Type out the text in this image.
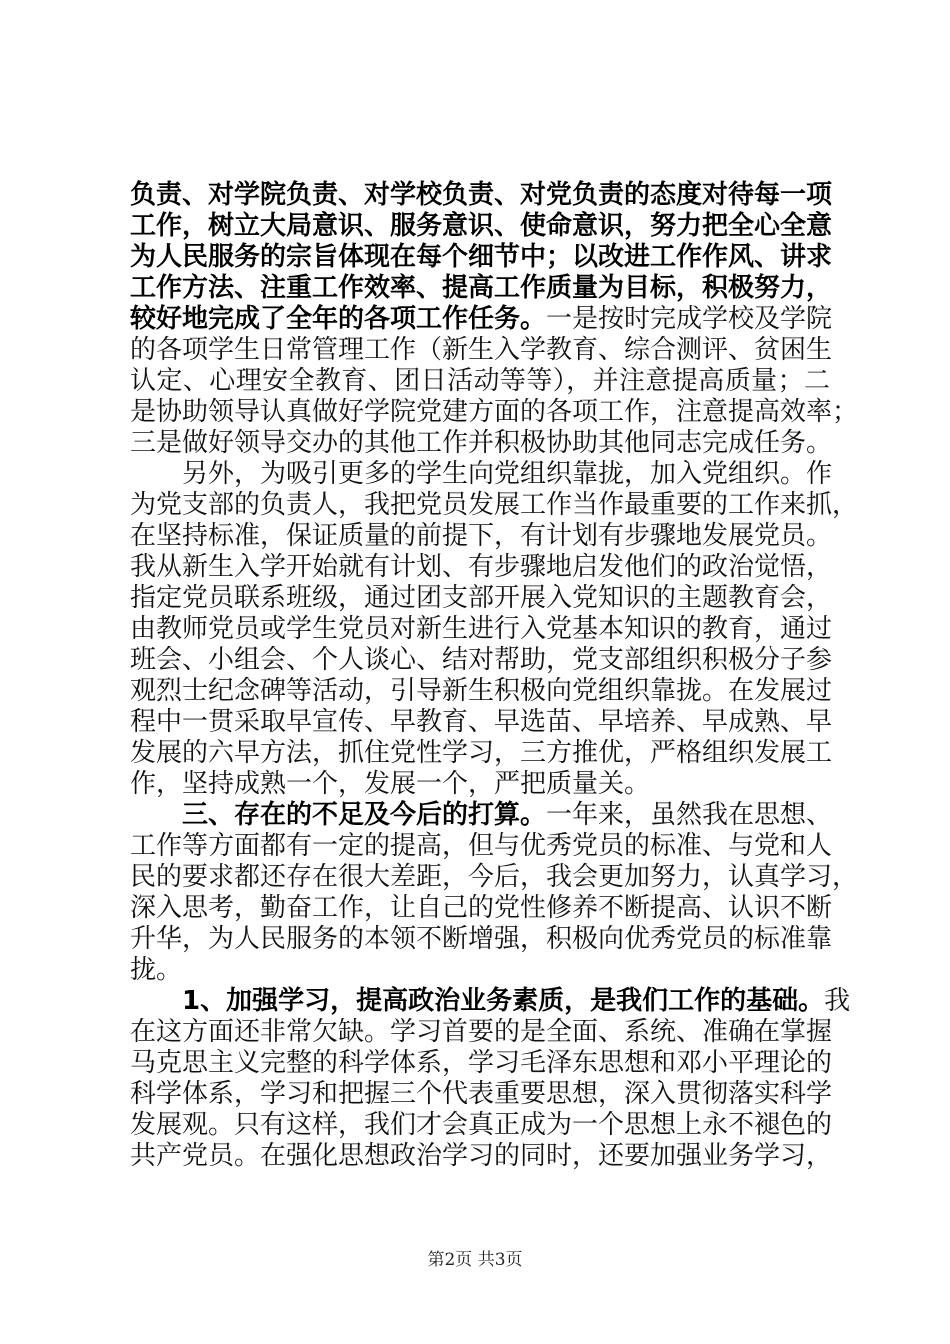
负责、对学院负责、对学校负责、对党负责的态度对待每一项
工作，树立大局意识、服务意识、使命意识，努力把全心全意
为人民服务的宗旨体现在每个细节中；以改进工作作风、讲求
工作方法、注重工作效率、提高工作质量为目标，积极努力，
较好地完成了全年的各项工作任务。一是按时完成学校及学院
的各项学生日常管理工作（新生入学教育、综合测评、贫困生
认定、心理安全教育、团日活动等等），并注意提高质量；二
是协助领导认真做好学院党建方面的各项工作，注意提高效率；
三是做好领导交办的其他工作并积极协助其他同志完成任务。
另外，为吸引更多的学生向党组织靠拢，加入党组织。作
为党支部的负责人，我把党员发展工作当作最重要的工作来抓，
在坚持标准，保证质量的前提下，有计划有步骤地发展党员。
我从新生入学开始就有计划、有步骤地启发他们的政治觉悟，
指定党员联系班级，通过团支部开展入党知识的主题教育会，
由教师党员或学生党员对新生进行入党基本知识的教育，通过
班会、小组会、个人谈心、结对帮助，党支部组织积极分子参
观烈士纪念碑等活动，引导新生积极向党组织靠拢。在发展过
程中一贯采取早宣传、早教育、早选苗、早培养、早成熟、早
发展的六早方法，抓住党性学习，三方推优，严格组织发展工
作，坚持成熟一个，发展一个，严把质量关。
三、存在的不足及今后的打算。一年来，虽然我在思想、
工作等方面都有一定的提高，但与优秀党员的标准、与党和人
民的要求都还存在很大差距，今后，我会更加努力，认真学习，
深入思考，勤奋工作，让自己的党性修养不断提高、认识不断
升华，为人民服务的本领不断增强，积极向优秀党员的标准靠
拢。
1、加强学习，提高政治业务素质，是我们工作的基础。我
在这方面还非常欠缺。学习首要的是全面、系统、准确在掌握
马克思主义完整的科学体系，学习毛泽东思想和邓小平理论的
科学体系，学习和把握三个代表重要思想，深入贯彻落实科学
发展观。只有这样，我们才会真正成为一个思想上永不褪色的
共产党员。在强化思想政治学习的同时，还要加强业务学习，
第2页 共3页
